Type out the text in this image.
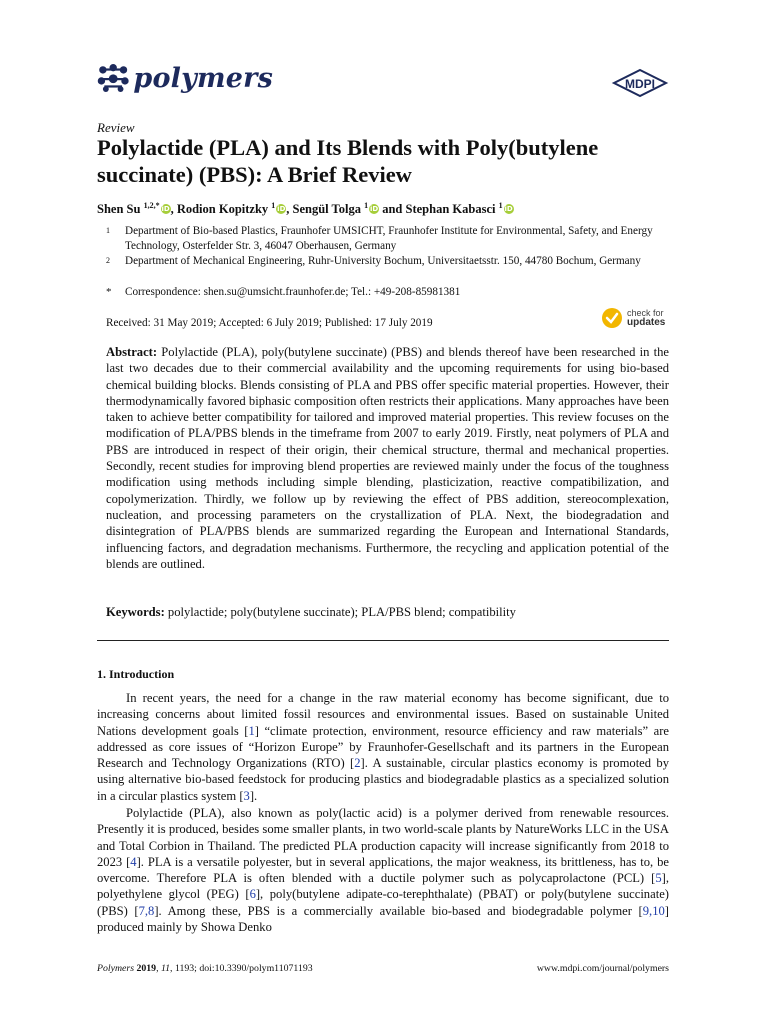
polymers	MDPI
Review
Polylactide (PLA) and Its Blends with Poly(butylene succinate) (PBS): A Brief Review
Shen Su $^{1,2,*}$ iD, Rodion Kopitzky $^1$ iD, Sengül Tolga $^1$ iD and Stephan Kabasci $^1$ iD
1 Department of Bio-based Plastics, Fraunhofer UMSICHT, Fraunhofer Institute for Environmental, Safety, and Energy Technology, Osterfelder Str. 3, 46047 Oberhausen, Germany
2 Department of Mechanical Engineering, Ruhr-University Bochum, Universitaetsstr. 150, 44780 Bochum, Germany
* Correspondence: shen.su@umsicht.fraunhofer.de; Tel.: +49-208-85981381
Received: 31 May 2019; Accepted: 6 July 2019; Published: 17 July 2019
check for
updates
Abstract: Polylactide (PLA), poly(butylene succinate) (PBS) and blends thereof have been researched in the last two decades due to their commercial availability and the upcoming requirements for using bio-based chemical building blocks. Blends consisting of PLA and PBS offer specific material properties. However, their thermodynamically favored biphasic composition often restricts their applications. Many approaches have been taken to achieve better compatibility for tailored and improved material properties. This review focuses on the modification of PLA/PBS blends in the timeframe from 2007 to early 2019. Firstly, neat polymers of PLA and PBS are introduced in respect of their origin, their chemical structure, thermal and mechanical properties. Secondly, recent studies for improving blend properties are reviewed mainly under the focus of the toughness modification using methods including simple blending, plasticization, reactive compatibilization, and copolymerization. Thirdly, we follow up by reviewing the effect of PBS addition, stereocomplexation, nucleation, and processing parameters on the crystallization of PLA. Next, the biodegradation and disintegration of PLA/PBS blends are summarized regarding the European and International Standards, influencing factors, and degradation mechanisms. Furthermore, the recycling and application potential of the blends are outlined.
Keywords: polylactide; poly(butylene succinate); PLA/PBS blend; compatibility
1. Introduction
In recent years, the need for a change in the raw material economy has become significant, due to increasing concerns about limited fossil resources and environmental issues. Based on sustainable United Nations development goals [1] “climate protection, environment, resource efficiency and raw materials” are addressed as core issues of “Horizon Europe” by Fraunhofer-Gesellschaft and its partners in the European Research and Technology Organizations (RTO) [2]. A sustainable, circular plastics economy is promoted by using alternative bio-based feedstock for producing plastics and biodegradable plastics as a specialized solution in a circular plastics system [3].
Polylactide (PLA), also known as poly(lactic acid) is a polymer derived from renewable resources. Presently it is produced, besides some smaller plants, in two world-scale plants by NatureWorks LLC in the USA and Total Corbion in Thailand. The predicted PLA production capacity will increase significantly from 2018 to 2023 [4]. PLA is a versatile polyester, but in several applications, the major weakness, its brittleness, has to, be overcome. Therefore PLA is often blended with a ductile polymer such as polycaprolactone (PCL) [5], polyethylene glycol (PEG) [6], poly(butylene adipate-co-terephthalate) (PBAT) or poly(butylene succinate) (PBS) [7,8]. Among these, PBS is a commercially available bio-based and biodegradable polymer [9,10] produced mainly by Showa Denko
Polymers 2019, 11, 1193; doi:10.3390/polym11071193	www.mdpi.com/journal/polymers
